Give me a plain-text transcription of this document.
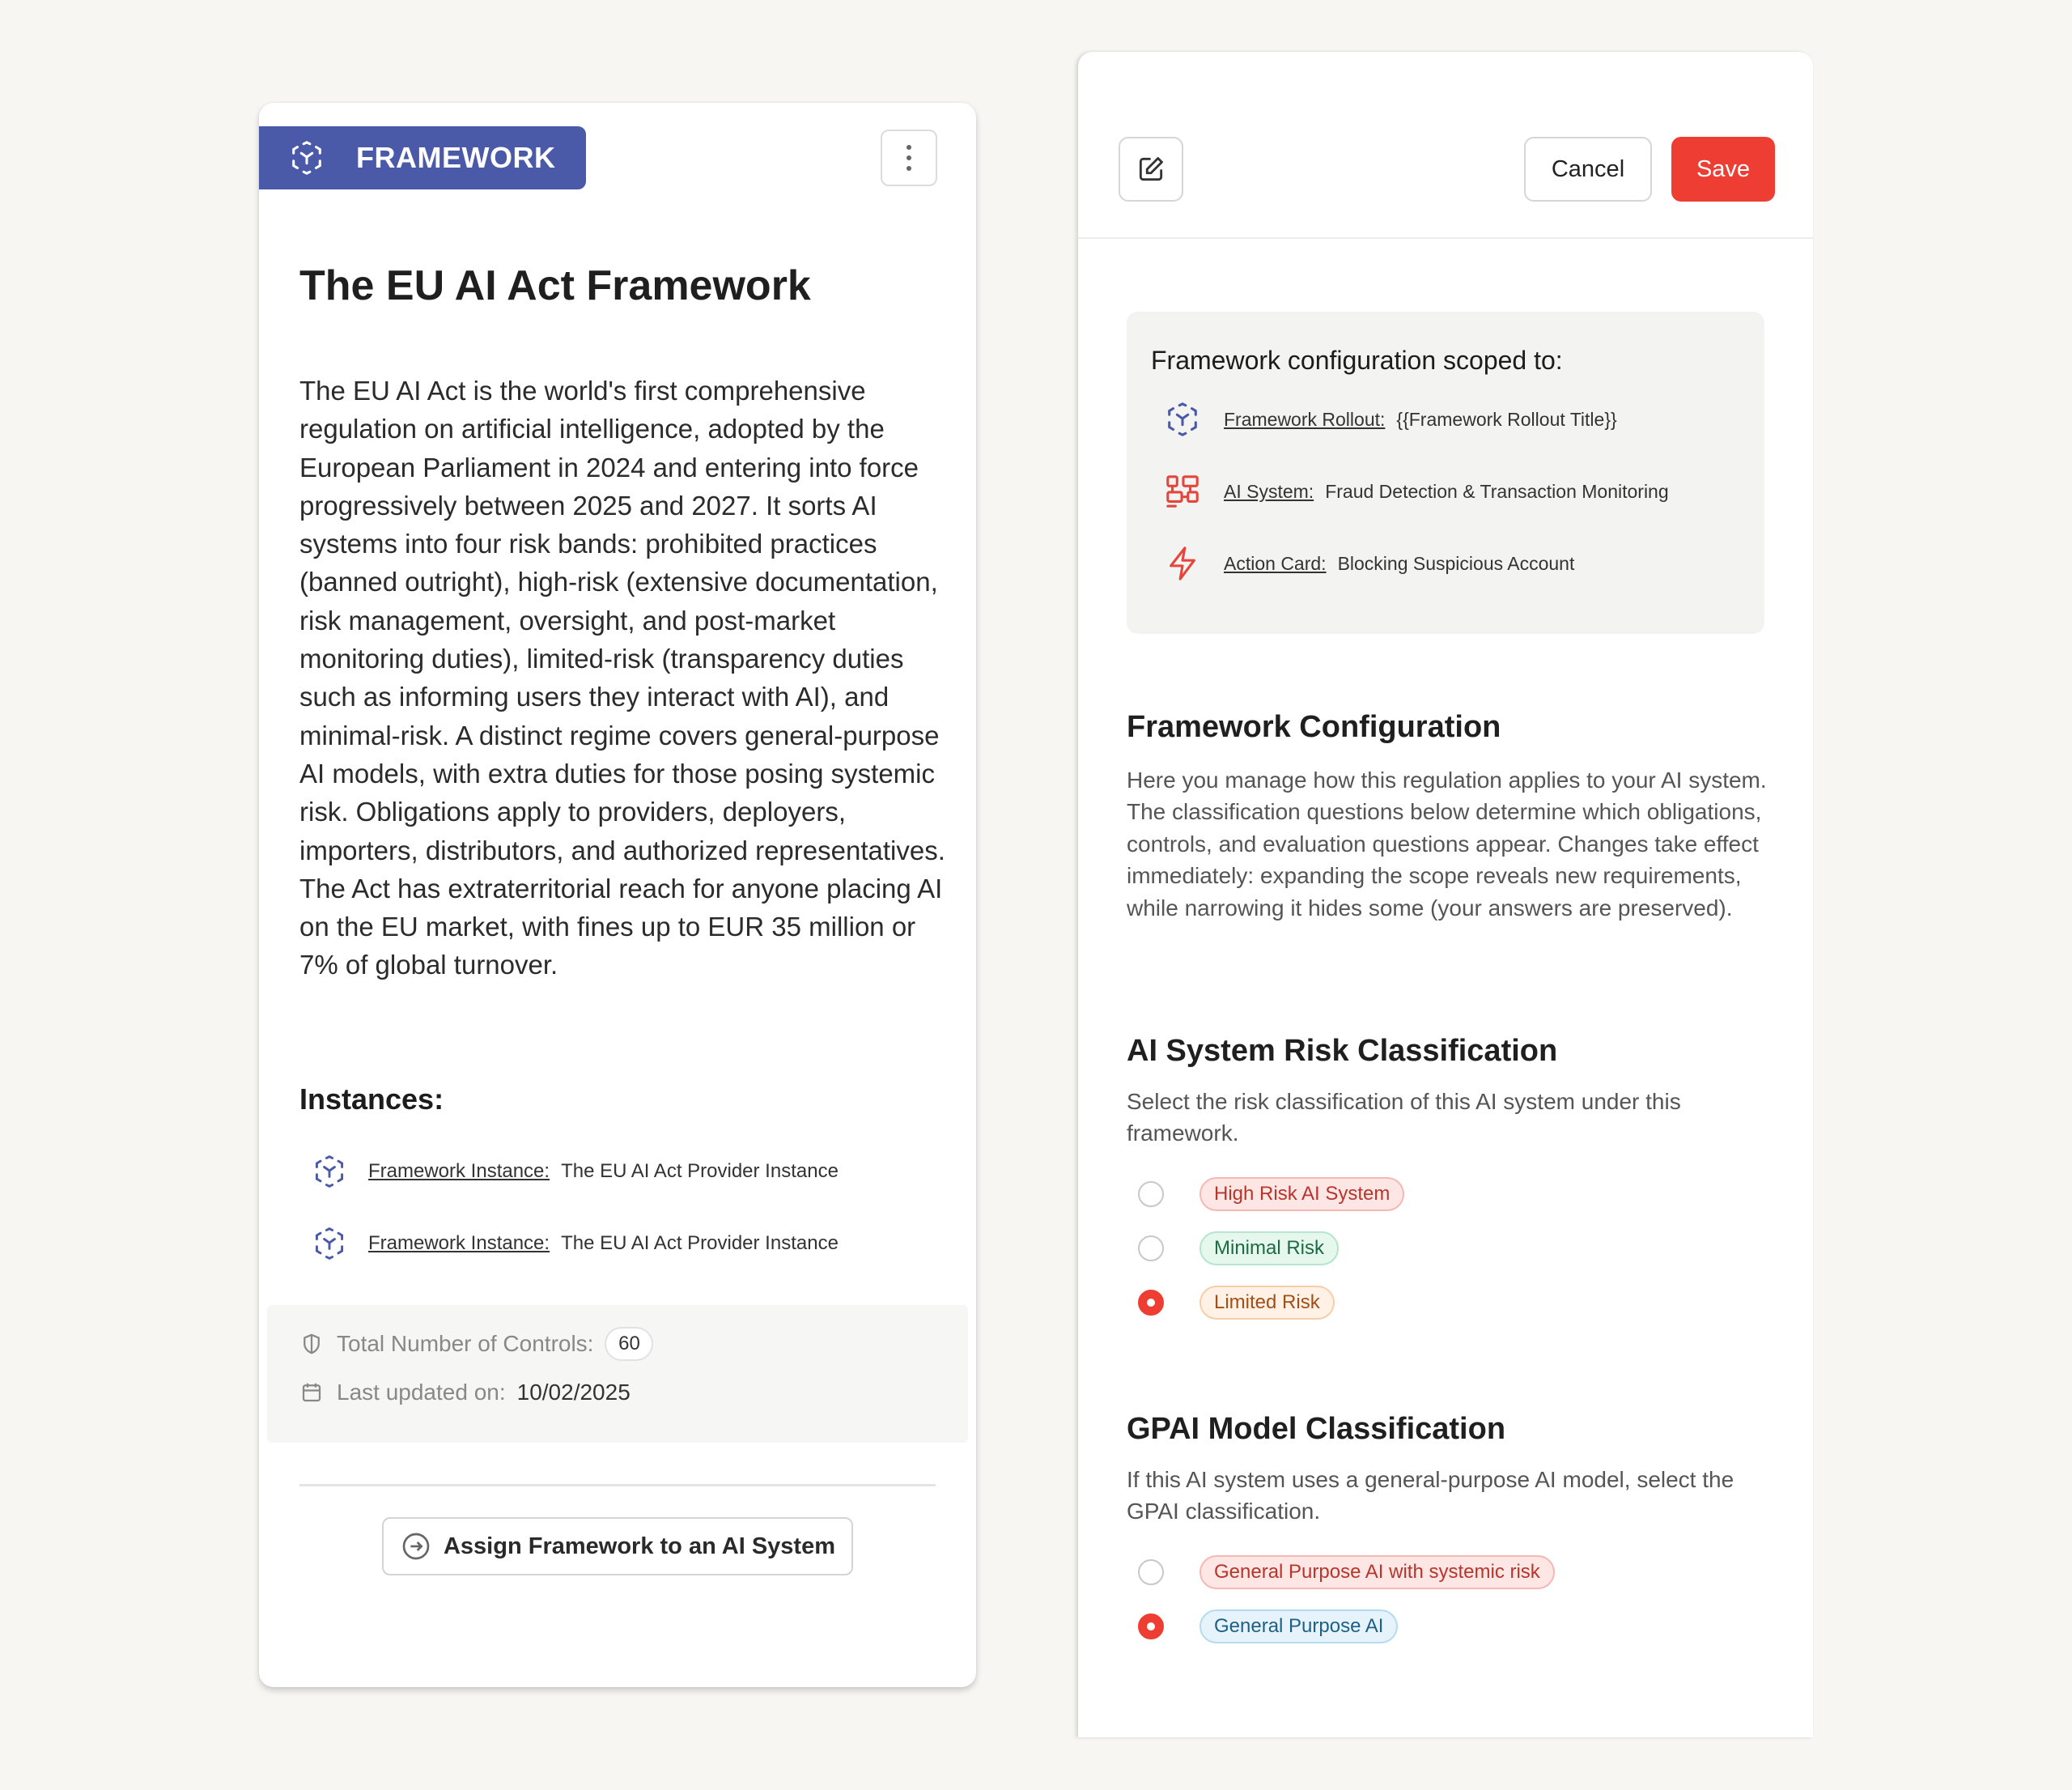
FRAMEWORK
The EU AI Act Framework
The EU AI Act is the world's first comprehensive regulation on artificial intelligence, adopted by the European Parliament in 2024 and entering into force progressively between 2025 and 2027. It sorts AI systems into four risk bands: prohibited practices (banned outright), high-risk (extensive documentation, risk management, oversight, and post-market monitoring duties), limited-risk (transparency duties such as informing users they interact with AI), and minimal-risk. A distinct regime covers general-purpose AI models, with extra duties for those posing systemic risk. Obligations apply to providers, deployers, importers, distributors, and authorized representatives. The Act has extraterritorial reach for anyone placing AI on the EU market, with fines up to EUR 35 million or 7% of global turnover.
Instances:
Framework Instance: The EU AI Act Provider Instance
Framework Instance: The EU AI Act Provider Instance
Total Number of Controls:	60
Last updated on: 10/02/2025
Assign Framework to an AI System
Cancel	Save
Framework configuration scoped to:
Framework Rollout: {{Framework Rollout Title}}
AI System: Fraud Detection & Transaction Monitoring
Action Card: Blocking Suspicious Account
Framework Configuration
Here you manage how this regulation applies to your AI system. The classification questions below determine which obligations, controls, and evaluation questions appear. Changes take effect immediately: expanding the scope reveals new requirements, while narrowing it hides some (your answers are preserved).
AI System Risk Classification
Select the risk classification of this AI system under this framework.
High Risk AI System
Minimal Risk
Limited Risk
GPAI Model Classification
If this AI system uses a general-purpose AI model, select the GPAI classification.
General Purpose AI with systemic risk
General Purpose AI
